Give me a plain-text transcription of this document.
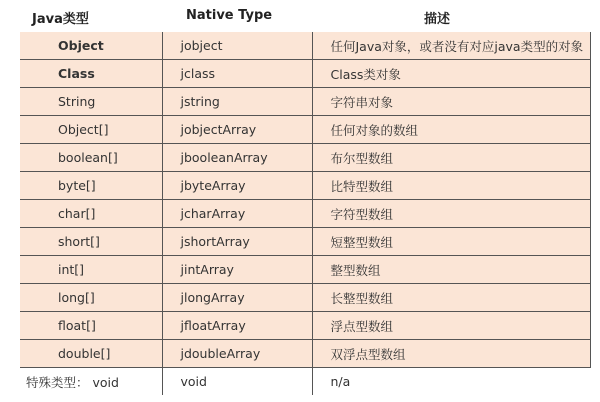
Java类型	Native Type	描述
Object	jobject	任何Java对象，或者没有对应java类型的对象
Class	jclass	Class类对象
String	jstring	字符串对象
Object[]	jobjectArray	任何对象的数组
boolean[]	jbooleanArray	布尔型数组
byte[]	jbyteArray	比特型数组
char[]	jcharArray	字符型数组
short[]	jshortArray	短整型数组
int[]	jintArray	整型数组
long[]	jlongArray	长整型数组
float[]	jfloatArray	浮点型数组
double[]	jdoubleArray	双浮点型数组
特殊类型： void	void	n/a
